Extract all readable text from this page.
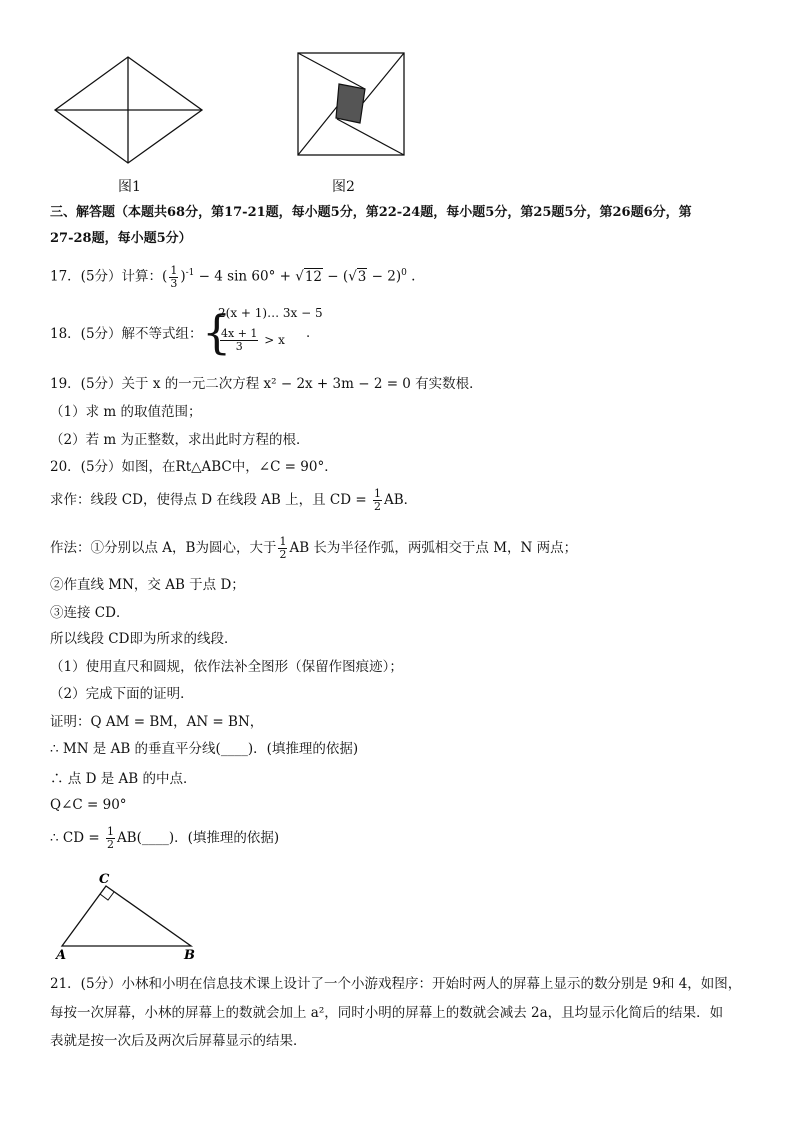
图1	图2
三、解答题（本题共68分，第17-21题，每小题5分，第22-24题，每小题5分，第25题5分，第26题6分，第
27-28题，每小题5分）
17．(5分）计算：( $\frac{1}{3} )^{-1} - 4$ $\sin 60^\circ + √12 - (√3 - 2)^0$ .
18．(5分）解不等式组： {
2(x + 1)… 3x − 5
$\frac{4x + 1}{3} > x$ .
19．(5分）关于 x 的一元二次方程 x² − 2x + 3m − 2 = 0 有实数根．
（1）求 m 的取值范围；
（2）若 m 为正整数，求出此时方程的根．
20．(5分）如图，在Rt△ABC中，∠C = 90°．
求作：线段 CD，使得点 D 在线段 AB 上，且 CD = $\frac{1}{2}$ AB．
作法：①分别以点 A，B为圆心，大于 $\frac{1}{2}$ AB 长为半径作弧，两弧相交于点 M，N 两点；
②作直线 MN，交 AB 于点 D；
③连接 CD．
所以线段 CD即为所求的线段．
（1）使用直尺和圆规，依作法补全图形（保留作图痕迹）；
（2）完成下面的证明．
证明：Q AM = BM，AN = BN，
∴ MN 是 AB 的垂直平分线(____)．(填推理的依据)
∴ 点 D 是 AB 的中点．
Q∠C = 90°
∴ CD = $\frac{1}{2}$ AB(____)．(填推理的依据)
C
A	B
21．(5分）小林和小明在信息技术课上设计了一个小游戏程序：开始时两人的屏幕上显示的数分别是 9和 4，如图，
每按一次屏幕，小林的屏幕上的数就会加上 a²，同时小明的屏幕上的数就会减去 2a，且均显示化简后的结果．如
表就是按一次后及两次后屏幕显示的结果．
